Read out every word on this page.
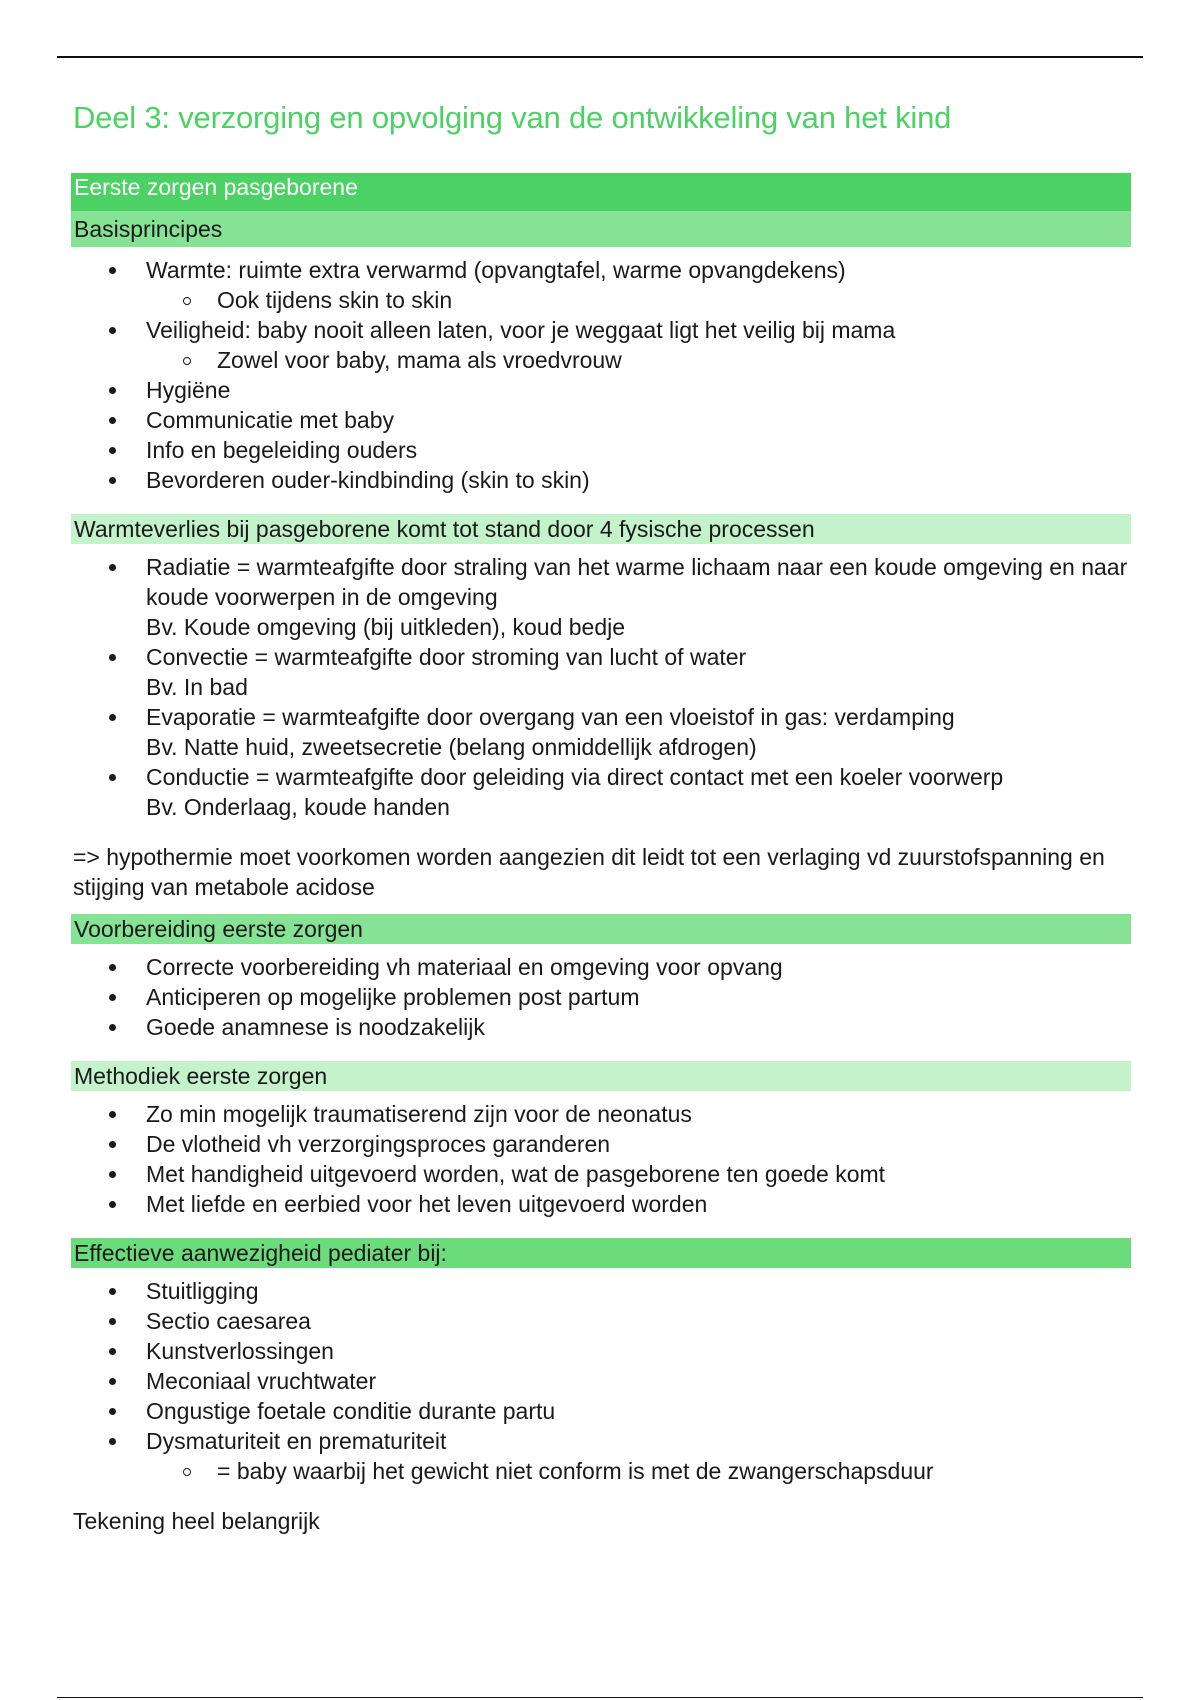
Deel 3: verzorging en opvolging van de ontwikkeling van het kind
Eerste zorgen pasgeborene
Basisprincipes
Warmte: ruimte extra verwarmd (opvangtafel, warme opvangdekens)
Ook tijdens skin to skin
Veiligheid: baby nooit alleen laten, voor je weggaat ligt het veilig bij mama
Zowel voor baby, mama als vroedvrouw
Hygiëne
Communicatie met baby
Info en begeleiding ouders
Bevorderen ouder-kindbinding (skin to skin)
Warmteverlies bij pasgeborene komt tot stand door 4 fysische processen
Radiatie = warmteafgifte door straling van het warme lichaam naar een koude omgeving en naar koude voorwerpen in de omgeving
Bv. Koude omgeving (bij uitkleden), koud bedje
Convectie = warmteafgifte door stroming van lucht of water
Bv. In bad
Evaporatie = warmteafgifte door overgang van een vloeistof in gas: verdamping
Bv. Natte huid, zweetsecretie (belang onmiddellijk afdrogen)
Conductie = warmteafgifte door geleiding via direct contact met een koeler voorwerp
Bv. Onderlaag, koude handen

=> hypothermie moet voorkomen worden aangezien dit leidt tot een verlaging vd zuurstofspanning en stijging van metabole acidose

Voorbereiding eerste zorgen
Correcte voorbereiding vh materiaal en omgeving voor opvang
Anticiperen op mogelijke problemen post partum
Goede anamnese is noodzakelijk
Methodiek eerste zorgen
Zo min mogelijk traumatiserend zijn voor de neonatus
De vlotheid vh verzorgingsproces garanderen
Met handigheid uitgevoerd worden, wat de pasgeborene ten goede komt
Met liefde en eerbied voor het leven uitgevoerd worden
Effectieve aanwezigheid pediater bij:
Stuitligging
Sectio caesarea
Kunstverlossingen
Meconiaal vruchtwater
Ongustige foetale conditie durante partu
Dysmaturiteit en prematuriteit
= baby waarbij het gewicht niet conform is met de zwangerschapsduur

Tekening heel belangrijk
